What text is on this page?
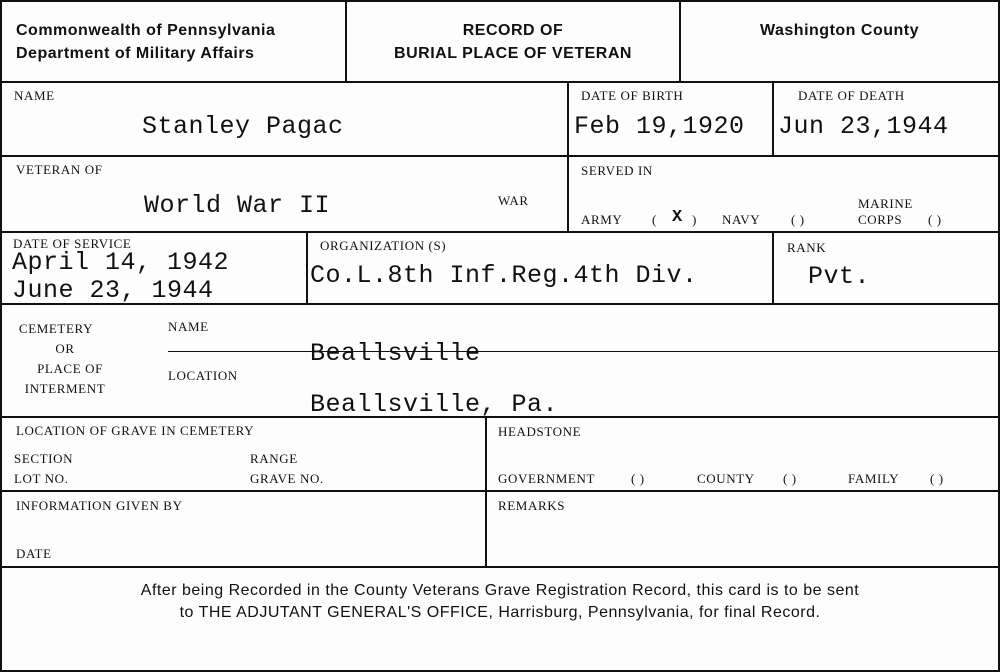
Commonwealth of Pennsylvania
Department of Military Affairs
RECORD OF
BURIAL PLACE OF VETERAN
Washington County
NAME
Stanley Pagac
DATE OF BIRTH
Feb 19,1920
DATE OF DEATH
Jun 23,1944
VETERAN OF
World War II	WAR
SERVED IN
ARMY ( X ) NAVY ( )
MARINE
CORPS ( )
DATE OF SERVICE
April 14, 1942
June 23, 1944
ORGANIZATION (S)
Co.L.8th Inf.Reg.4th Div.
RANK
Pvt.
CEMETERY
OR
PLACE OF
INTERMENT
NAME
Beallsville
LOCATION
Beallsville, Pa.
LOCATION OF GRAVE IN CEMETERY
SECTION
LOT NO.
RANGE
GRAVE NO.
HEADSTONE
GOVERNMENT	( )	COUNTY ( )	FAMILY ( )
INFORMATION GIVEN BY
DATE
REMARKS
After being Recorded in the County Veterans Grave Registration Record, this card is to be sent
to THE ADJUTANT GENERAL'S OFFICE, Harrisburg, Pennsylvania, for final Record.
